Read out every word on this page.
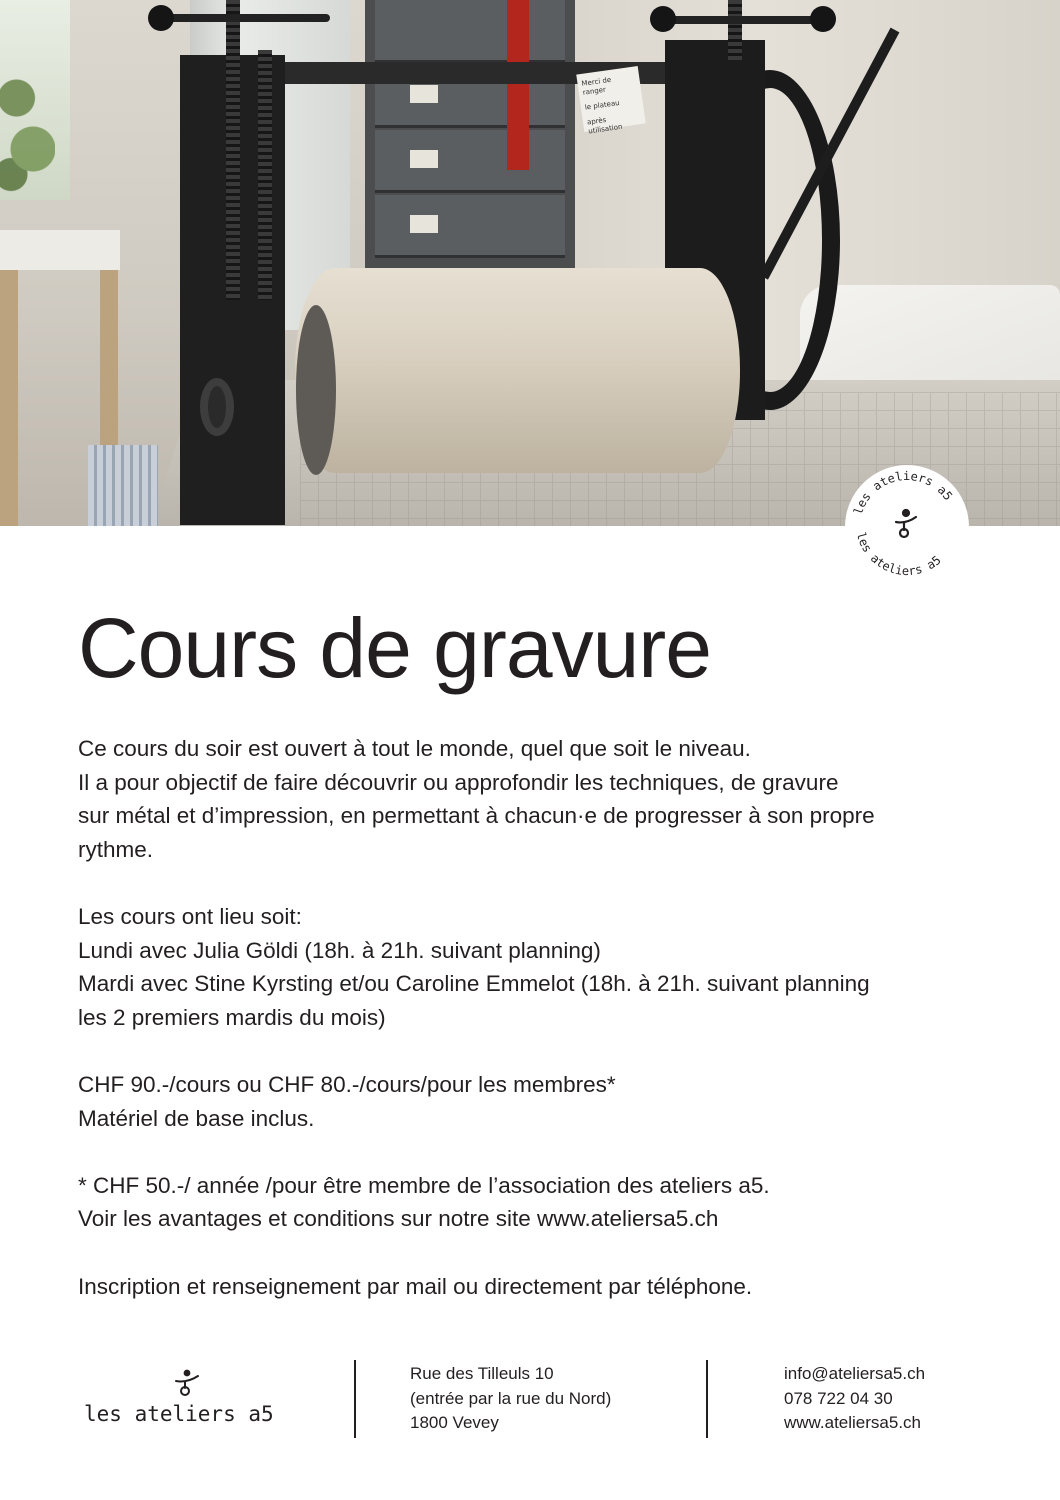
Merci de ranger
le plateau
après utilisation
les ateliers a5
les ateliers a5
Cours de gravure

Ce cours du soir est ouvert à tout le monde, quel que soit le niveau.

Il a pour objectif de faire découvrir ou approfondir les techniques, de gravure

sur métal et d’impression, en permettant à chacun·e de progresser à son propre

rythme.

Les cours ont lieu soit:

Lundi avec Julia Göldi (18h. à 21h. suivant planning)

Mardi avec Stine Kyrsting et/ou Caroline Emmelot (18h. à 21h. suivant planning

les 2 premiers mardis du mois)

CHF 90.-/cours ou CHF 80.-/cours/pour les membres*

Matériel de base inclus.

* CHF 50.-/ année /pour être membre de l’association des ateliers a5.

Voir les avantages et conditions sur notre site www.ateliersa5.ch

Inscription et renseignement par mail ou directement par téléphone.

les ateliers a5
Rue des Tilleuls 10
(entrée par la rue du Nord)
1800 Vevey
info@ateliersa5.ch
078 722 04 30
www.ateliersa5.ch
